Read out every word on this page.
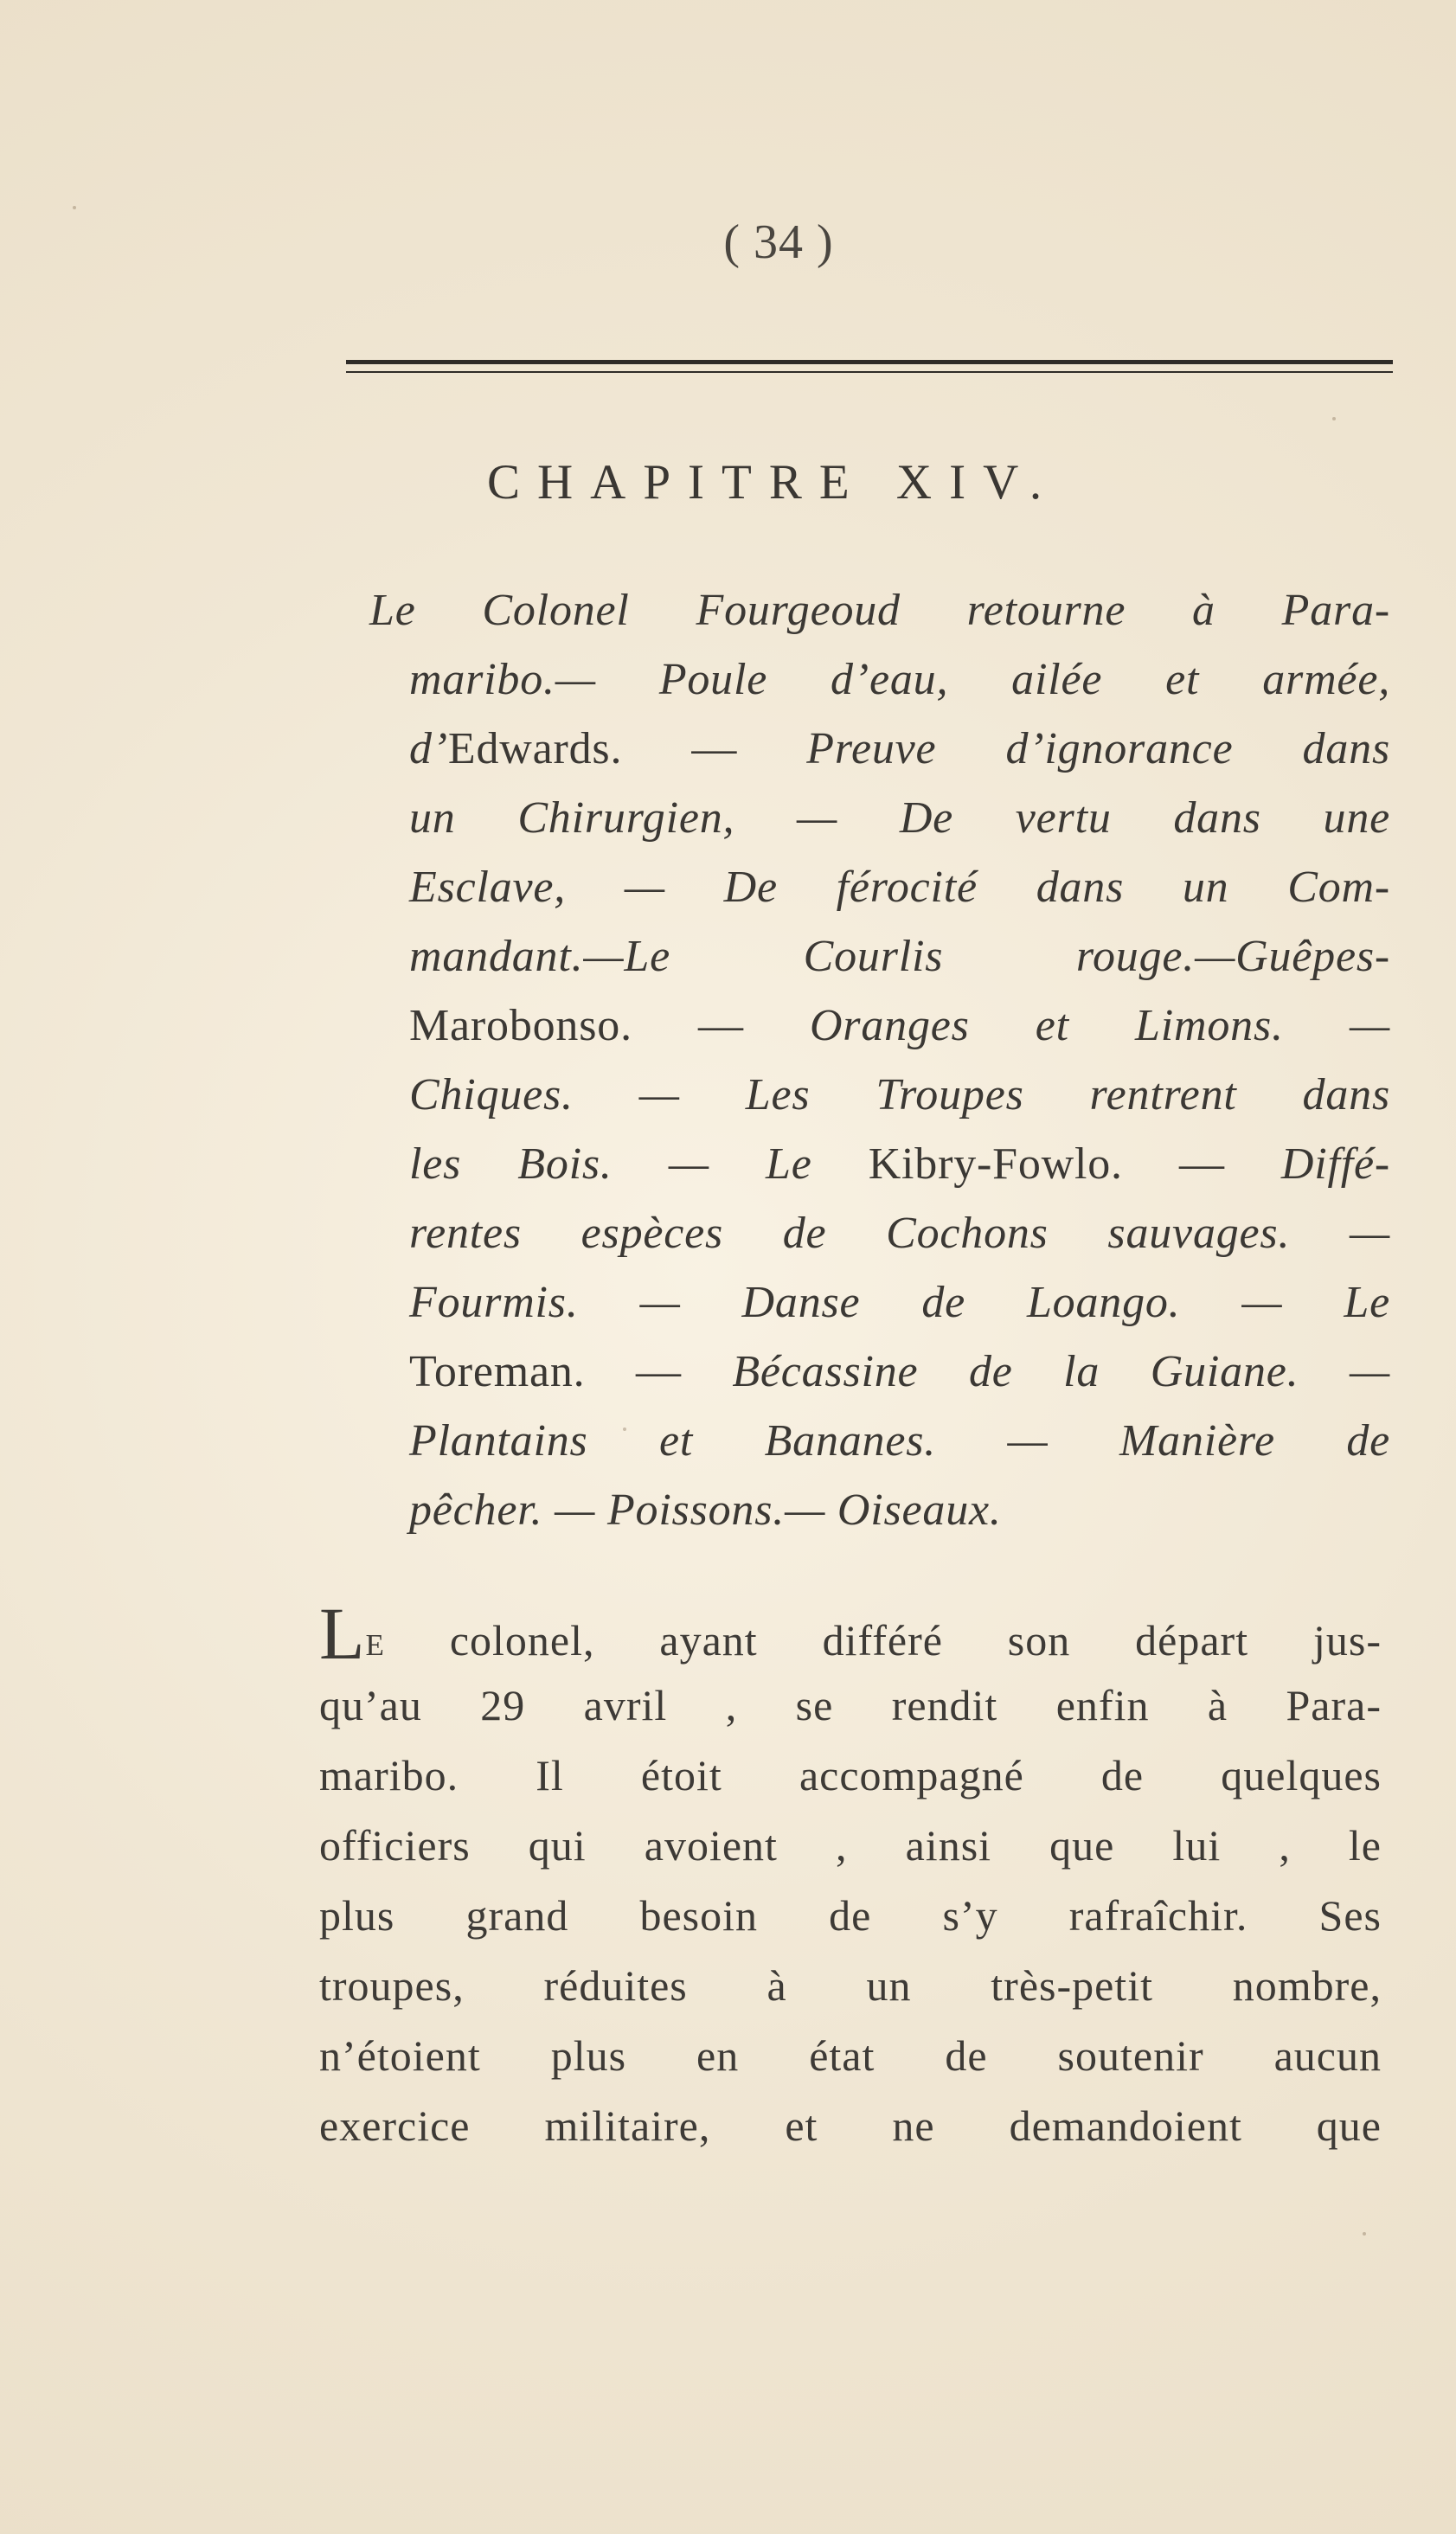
( 34 )
CHAPITRE XIV.
Le Colonel Fourgeoud retourne à Para-
maribo.— Poule d’eau, ailée et armée,
d’Edwards. — Preuve d’ignorance dans
un Chirurgien, — De vertu dans une
Esclave, — De férocité dans un Com-
mandant.—Le Courlis rouge.—Guêpes-
Marobonso. — Oranges et Limons. —
Chiques. — Les Troupes rentrent dans
les Bois. — Le Kibry-Fowlo. — Diffé-
rentes espèces de Cochons sauvages. —
Fourmis. — Danse de Loango. — Le
Toreman. — Bécassine de la Guiane. —
Plantains et Bananes. — Manière de
pêcher. — Poissons.— Oiseaux.
Le colonel, ayant différé son départ jus-
qu’au 29 avril , se rendit enfin à Para-
maribo. Il étoit accompagné de quelques
officiers qui avoient , ainsi que lui , le
plus grand besoin de s’y rafraîchir. Ses
troupes, réduites à un très-petit nombre,
n’étoient plus en état de soutenir aucun
exercice militaire, et ne demandoient que
